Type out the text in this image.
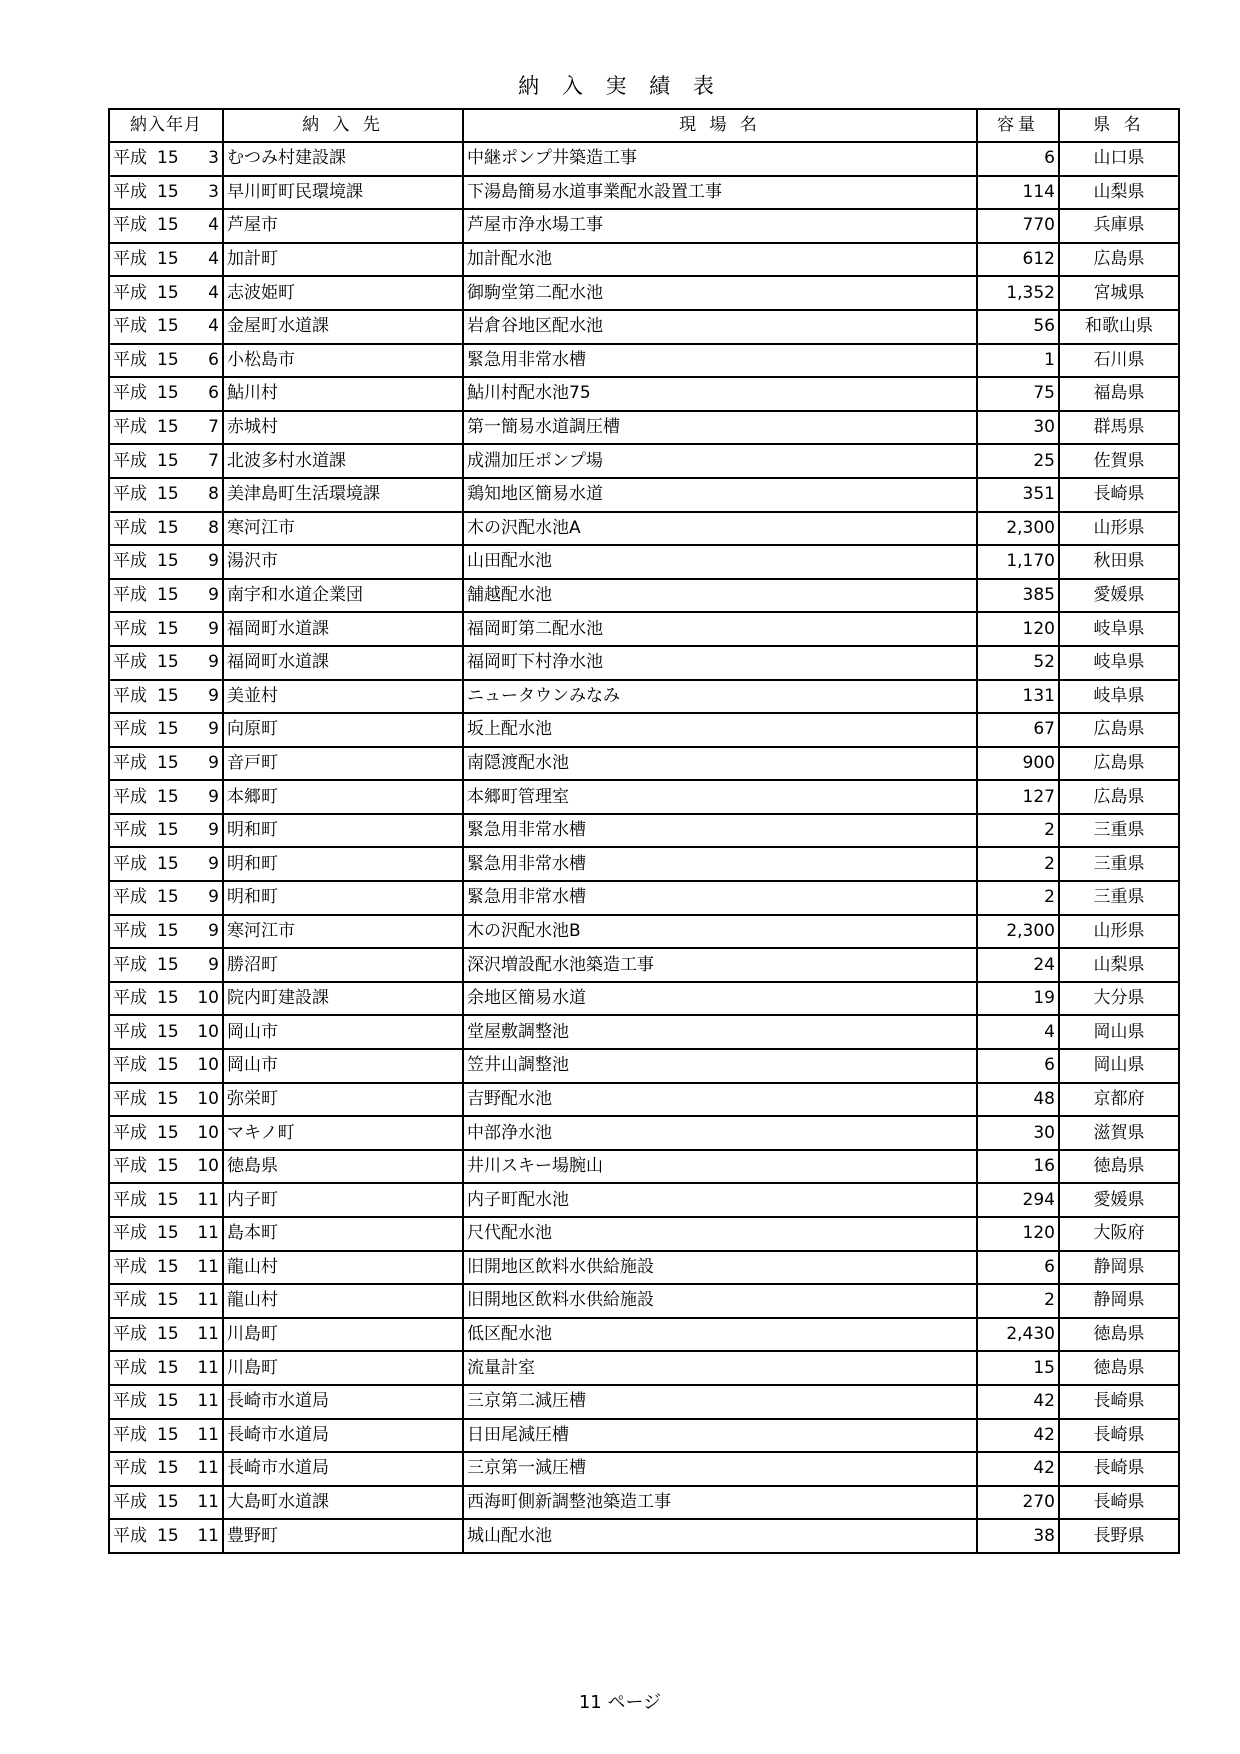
納 入 実 績 表
納入年月	納 入 先	現 場 名	容量	県 名

平成 15 3	むつみ村建設課	中継ポンプ井築造工事	6	山口県

平成 15 3	早川町町民環境課	下湯島簡易水道事業配水設置工事	114	山梨県

平成 15 4	芦屋市	芦屋市浄水場工事	770	兵庫県

平成 15 4	加計町	加計配水池	612	広島県

平成 15 4	志波姫町	御駒堂第二配水池	1,352	宮城県

平成 15 4	金屋町水道課	岩倉谷地区配水池	56	和歌山県

平成 15 6	小松島市	緊急用非常水槽	1	石川県

平成 15 6	鮎川村	鮎川村配水池75	75	福島県

平成 15 7	赤城村	第一簡易水道調圧槽	30	群馬県

平成 15 7	北波多村水道課	成淵加圧ポンプ場	25	佐賀県

平成 15 8	美津島町生活環境課	鶏知地区簡易水道	351	長崎県

平成 15 8	寒河江市	木の沢配水池A	2,300	山形県

平成 15 9	湯沢市	山田配水池	1,170	秋田県

平成 15 9	南宇和水道企業団	舗越配水池	385	愛媛県

平成 15 9	福岡町水道課	福岡町第二配水池	120	岐阜県

平成 15 9	福岡町水道課	福岡町下村浄水池	52	岐阜県

平成 15 9	美並村	ニュータウンみなみ	131	岐阜県

平成 15 9	向原町	坂上配水池	67	広島県

平成 15 9	音戸町	南隠渡配水池	900	広島県

平成 15 9	本郷町	本郷町管理室	127	広島県

平成 15 9	明和町	緊急用非常水槽	2	三重県

平成 15 9	明和町	緊急用非常水槽	2	三重県

平成 15 9	明和町	緊急用非常水槽	2	三重県

平成 15 9	寒河江市	木の沢配水池B	2,300	山形県

平成 15 9	勝沼町	深沢増設配水池築造工事	24	山梨県

平成 15 10	院内町建設課	余地区簡易水道	19	大分県

平成 15 10	岡山市	堂屋敷調整池	4	岡山県

平成 15 10	岡山市	笠井山調整池	6	岡山県

平成 15 10	弥栄町	吉野配水池	48	京都府

平成 15 10	マキノ町	中部浄水池	30	滋賀県

平成 15 10	徳島県	井川スキー場腕山	16	徳島県

平成 15 11	内子町	内子町配水池	294	愛媛県

平成 15 11	島本町	尺代配水池	120	大阪府

平成 15 11	龍山村	旧開地区飲料水供給施設	6	静岡県

平成 15 11	龍山村	旧開地区飲料水供給施設	2	静岡県

平成 15 11	川島町	低区配水池	2,430	徳島県

平成 15 11	川島町	流量計室	15	徳島県

平成 15 11	長崎市水道局	三京第二減圧槽	42	長崎県

平成 15 11	長崎市水道局	日田尾減圧槽	42	長崎県

平成 15 11	長崎市水道局	三京第一減圧槽	42	長崎県

平成 15 11	大島町水道課	西海町側新調整池築造工事	270	長崎県

平成 15 11	豊野町	城山配水池	38	長野県
11 ページ
